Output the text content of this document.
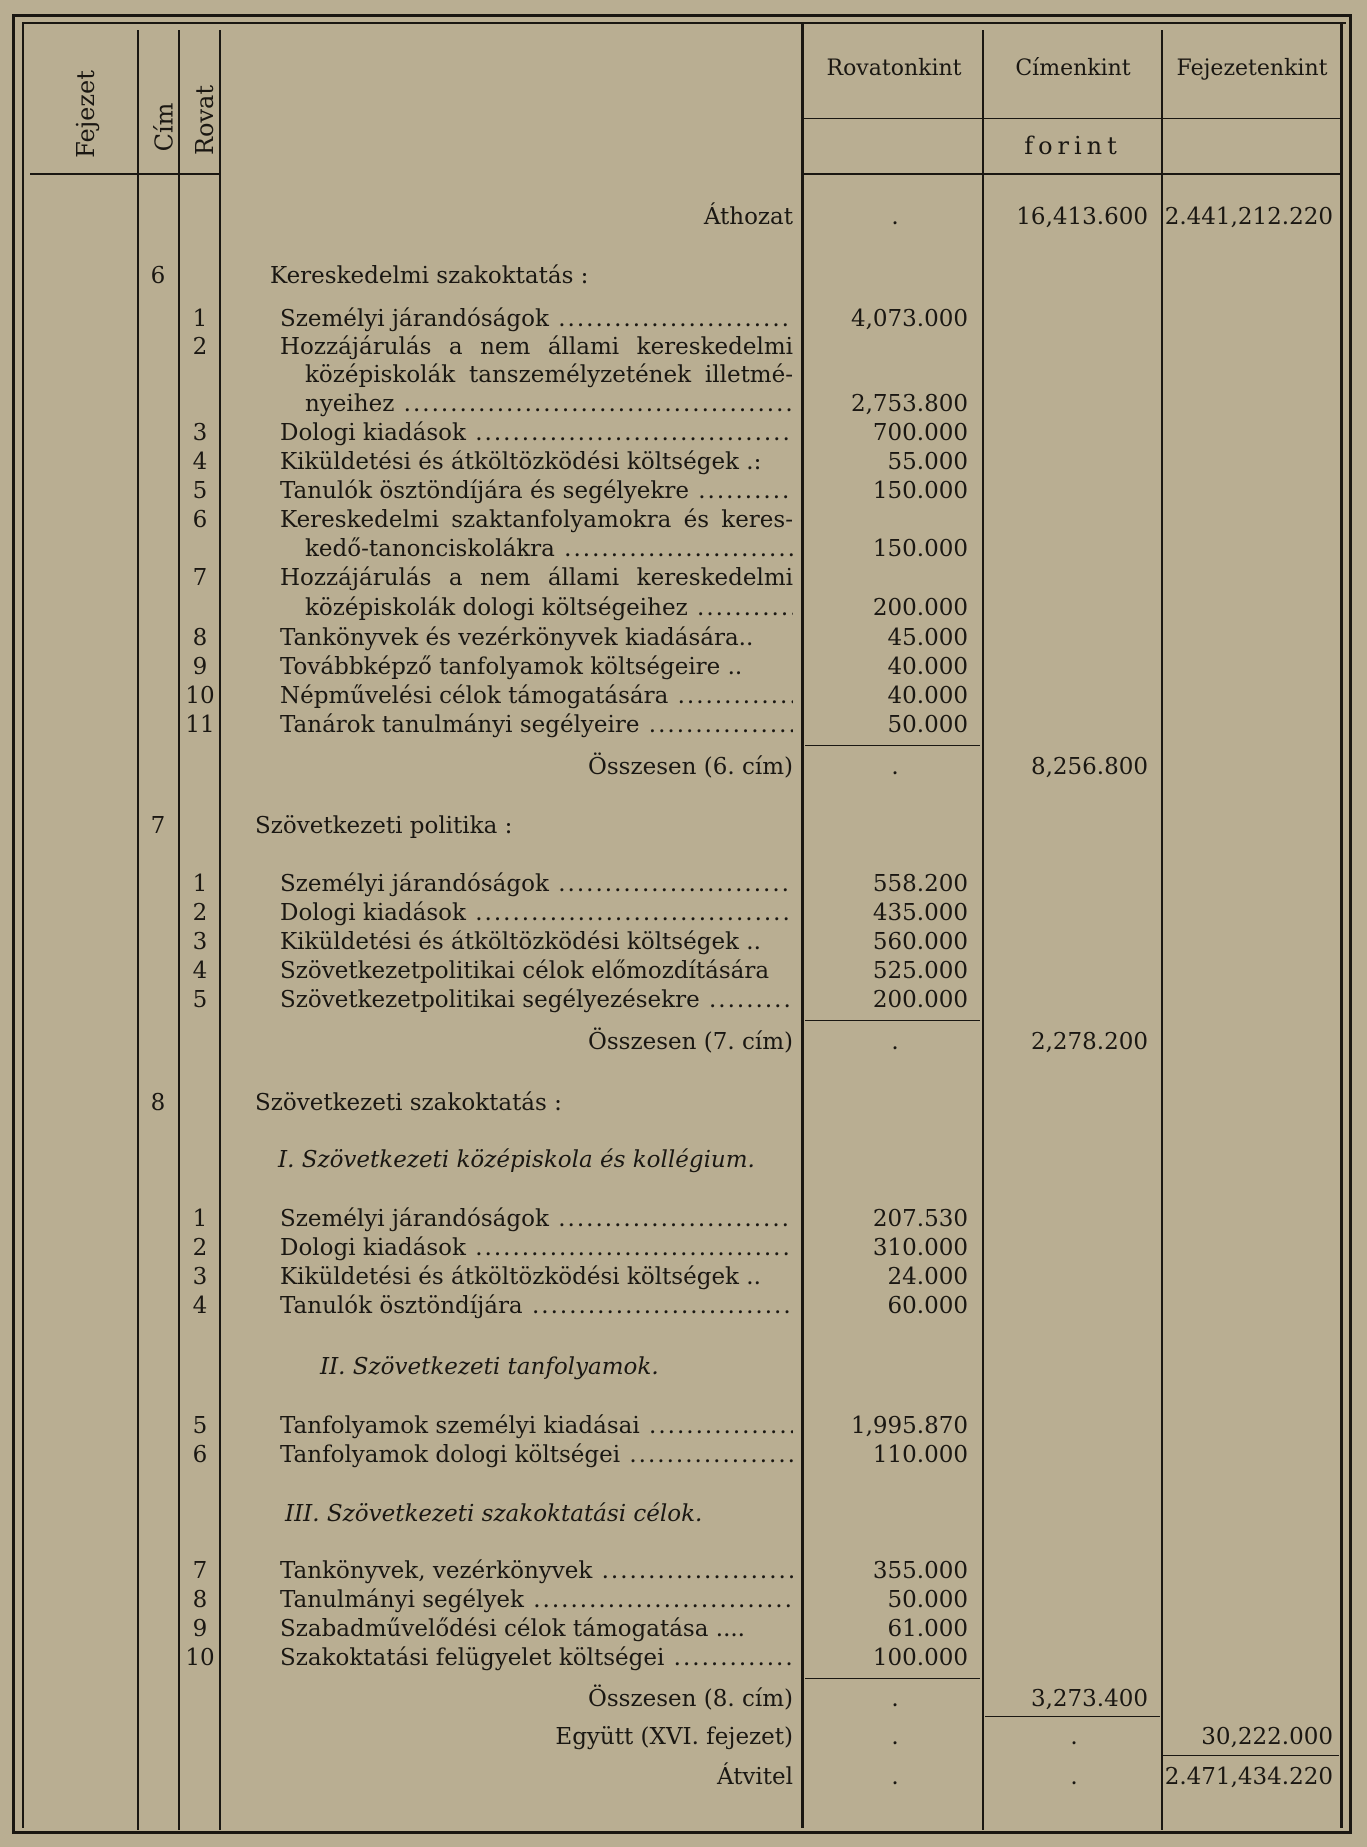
Fejezet Cím Rovat
Rovatonkint	Címenkint	Fejezetenkint
forint
Áthozat	.	16,413.600 2.441,212.220
6	Kereskedelmi szakoktatás :
1	Személyi járandóságok .....	4,073.000
2	Hozzájárulás a nem állami kereskedelmi
középiskolák tanszemélyzetének illetmé-
nyeihez .....	2,753.800
3	Dologi kiadások .....	700.000
4	Kiküldetési és átköltözködési költségek .:	55.000
5	Tanulók ösztöndíjára és segélyekre .....	150.000
6	Kereskedelmi szaktanfolyamokra és keres-
kedő-tanonciskolákra .....	150.000
7	Hozzájárulás a nem állami kereskedelmi
középiskolák dologi költségeihez .....	200.000
8	Tankönyvek és vezérkönyvek kiadására..	45.000
9	Továbbképző tanfolyamok költségeire ..	40.000
10	Népművelési célok támogatására .....	40.000
11	Tanárok tanulmányi segélyeire .....	50.000
Összesen (6. cím)	.	8,256.800
7	Szövetkezeti politika :
1	Személyi járandóságok .....	558.200
2	Dologi kiadások .....	435.000
3	Kiküldetési és átköltözködési költségek ..	560.000
4	Szövetkezetpolitikai célok előmozdítására	525.000
5	Szövetkezetpolitikai segélyezésekre .....	200.000
Összesen (7. cím)	.	2,278.200
8	Szövetkezeti szakoktatás :
I. Szövetkezeti középiskola és kollégium.
1	Személyi járandóságok .....	207.530
2	Dologi kiadások .....	310.000
3	Kiküldetési és átköltözködési költségek ..	24.000
4	Tanulók ösztöndíjára .....	60.000
II. Szövetkezeti tanfolyamok.
5	Tanfolyamok személyi kiadásai .....	1,995.870
6	Tanfolyamok dologi költségei .....	110.000
III. Szövetkezeti szakoktatási célok.
7	Tankönyvek, vezérkönyvek .....	355.000
8	Tanulmányi segélyek .....	50.000
9	Szabadművelődési célok támogatása ....	61.000
10	Szakoktatási felügyelet költségei .....	100.000
Összesen (8. cím)	.	3,273.400
Együtt (XVI. fejezet)	.	.	30,222.000
Átvitel	.	.	2.471,434.220
